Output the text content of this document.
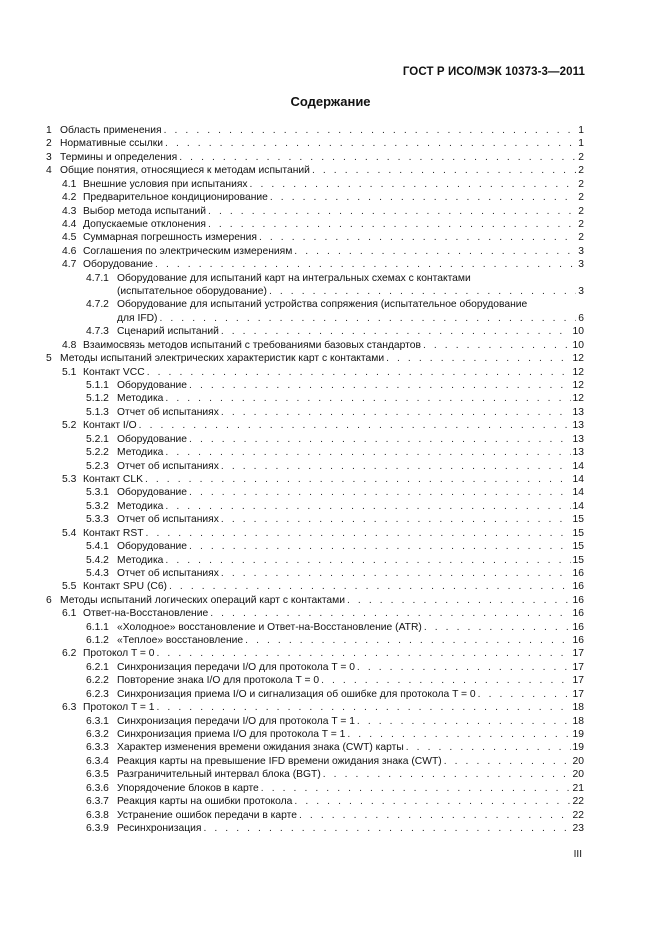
ГОСТ Р ИСО/МЭК 10373-3—2011
Содержание
1 Область применения . . .	1
2 Нормативные ссылки . . .	1
3 Термины и определения . . .	2
4 Общие понятия, относящиеся к методам испытаний . . .	2
4.1 Внешние условия при испытаниях . . .	2
4.2 Предварительное кондиционирование . . .	2
4.3 Выбор метода испытаний . . .	2
4.4 Допускаемые отклонения . . .	2
4.5 Суммарная погрешность измерения . . .	2
4.6 Соглашения по электрическим измерениям . . .	3
4.7 Оборудование . . .	3
4.7.1 Оборудование для испытаний карт на интегральных схемах с контактами
(испытательное оборудование) . . .	3
4.7.2 Оборудование для испытаний устройства сопряжения (испытательное оборудование
для IFD) . . .	6
4.7.3 Сценарий испытаний . . .	10
4.8 Взаимосвязь методов испытаний с требованиями базовых стандартов . . .	10
5 Методы испытаний электрических характеристик карт с контактами . . .	12
5.1 Контакт VCC . . .	12
5.1.1 Оборудование . . .	12
5.1.2 Методика . . .	12
5.1.3 Отчет об испытаниях . . .	13
5.2 Контакт I/O . . .	13
5.2.1 Оборудование . . .	13
5.2.2 Методика . . .	13
5.2.3 Отчет об испытаниях . . .	14
5.3 Контакт CLK . . .	14
5.3.1 Оборудование . . .	14
5.3.2 Методика . . .	14
5.3.3 Отчет об испытаниях . . .	15
5.4 Контакт RST . . .	15
5.4.1 Оборудование . . .	15
5.4.2 Методика . . .	15
5.4.3 Отчет об испытаниях . . .	16
5.5 Контакт SPU (C6) . . .	16
6 Методы испытаний логических операций карт с контактами . . .	16
6.1 Ответ-на-Восстановление . . .	16
6.1.1 «Холодное» восстановление и Ответ-на-Восстановление (ATR) . . .	16
6.1.2 «Теплое» восстановление . . .	16
6.2 Протокол T = 0 . . .	17
6.2.1 Синхронизация передачи I/O для протокола T = 0 . . .	17
6.2.2 Повторение знака I/O для протокола T = 0 . . .	17
6.2.3 Синхронизация приема I/O и сигнализация об ошибке для протокола T = 0 . . .	17
6.3 Протокол T = 1 . . .	18
6.3.1 Синхронизация передачи I/O для протокола T = 1 . . .	18
6.3.2 Синхронизация приема I/O для протокола T = 1 . . .	19
6.3.3 Характер изменения времени ожидания знака (CWT) карты . . .	19
6.3.4 Реакция карты на превышение IFD времени ожидания знака (CWT) . . .	20
6.3.5 Разграничительный интервал блока (BGT) . . .	20
6.3.6 Упорядочение блоков в карте . . .	21
6.3.7 Реакция карты на ошибки протокола . . .	22
6.3.8 Устранение ошибок передачи в карте . . .	22
6.3.9 Ресинхронизация . . .	23
III
